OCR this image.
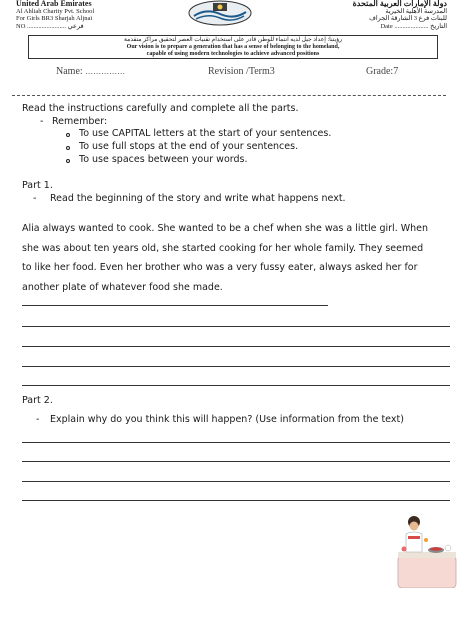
United Arab Emirates
Al Ahliah Charity Pvt. School
For Girls BR3 Sharjah Aljnai
NO ........................ فرعي
دولة الإمارات العربية المتحدة
المدرسة الأهلية الخيرية
للبنات فرع 3 الشارقة الجراف
التاريخ ..................... Date
رؤيتنا: إعداد جيل لديه انتماء للوطن قادر على استخدام تقنيات العصر لتحقيق مراكز متقدمة
Our vision is to prepare a generation that has a sense of belonging to the homeland,
capable of using modern technologies to achieve advanced positions
Name: ……………	Revision /Term3	Grade:7
Read the instructions carefully and complete all the parts.
- Remember:
To use CAPITAL letters at the start of your sentences.
To use full stops at the end of your sentences.
To use spaces between your words.
Part 1.
- Read the beginning of the story and write what happens next.

Alia always wanted to cook. She wanted to be a chef when she was a little girl. When

she was about ten years old, she started cooking for her whole family. They seemed

to like her food. Even her brother who was a very fussy eater, always asked her for

another plate of whatever food she made.

Part 2.
- Explain why do you think this will happen? (Use information from the text)
